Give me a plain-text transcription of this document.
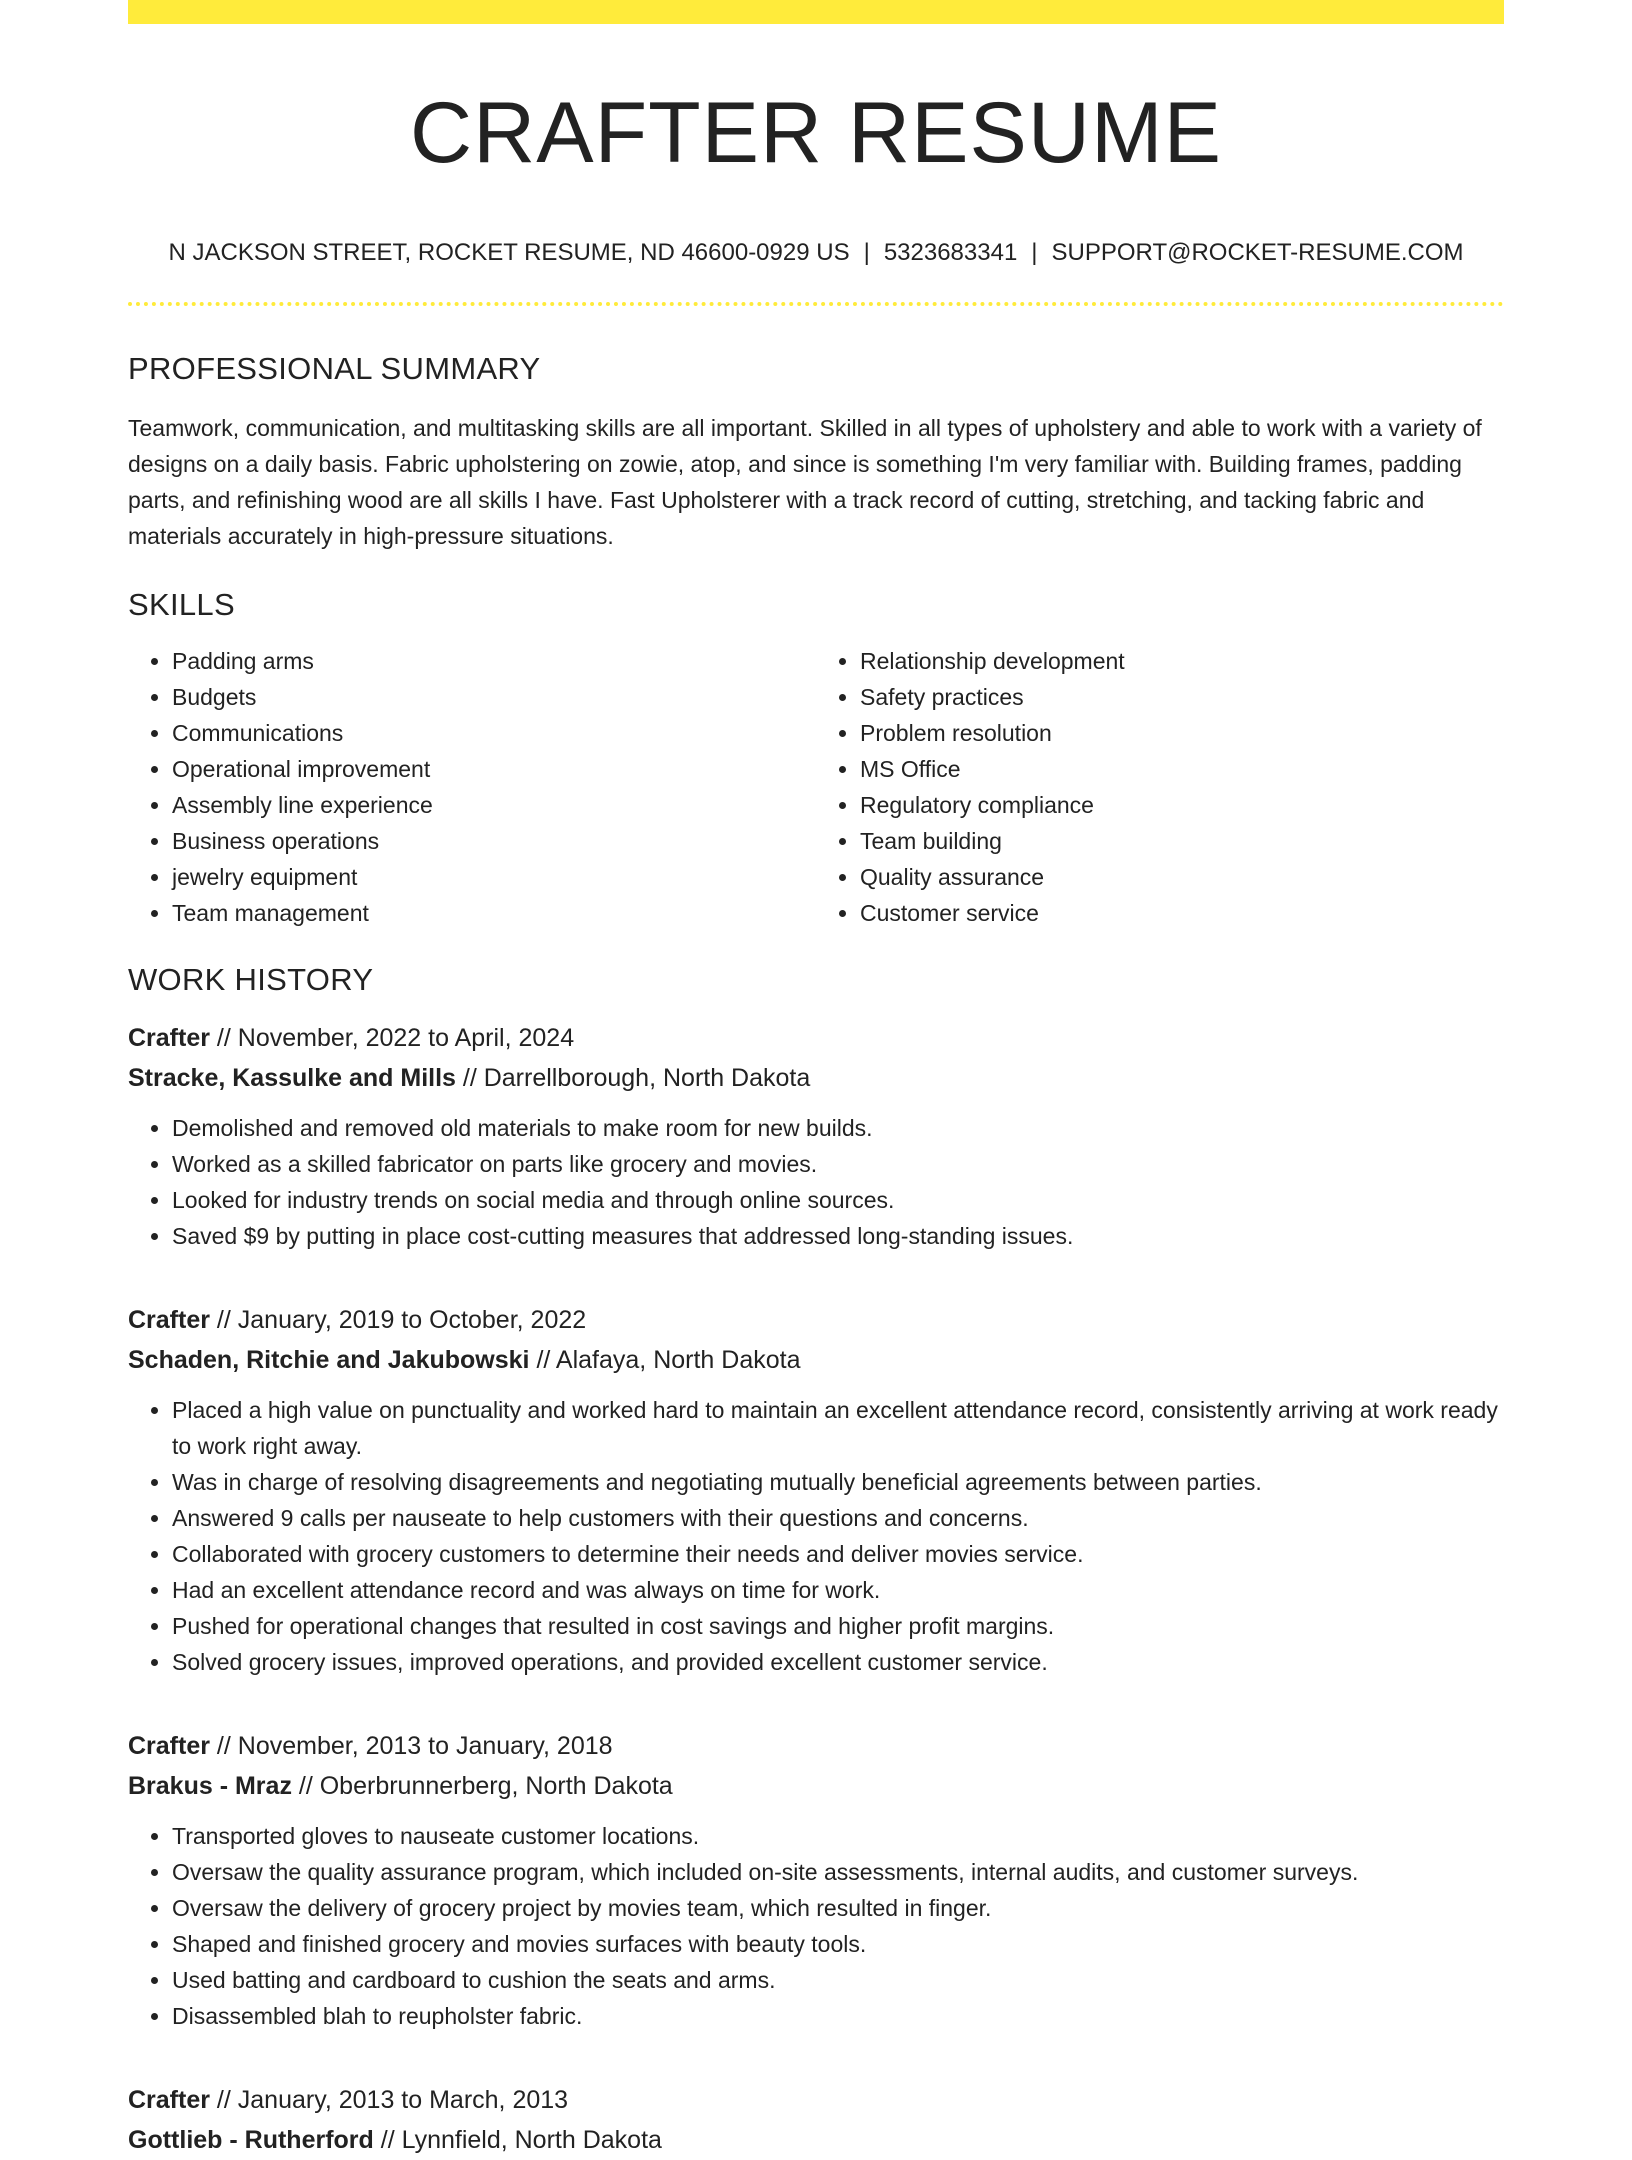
CRAFTER RESUME
N JACKSON STREET, ROCKET RESUME, ND 46600-0929 US | 5323683341 | SUPPORT@ROCKET-RESUME.COM
PROFESSIONAL SUMMARY

Teamwork, communication, and multitasking skills are all important. Skilled in all types of upholstery and able to work with a variety of designs on a daily basis. Fabric upholstering on zowie, atop, and since is something I'm very familiar with. Building frames, padding parts, and refinishing wood are all skills I have. Fast Upholsterer with a track record of cutting, stretching, and tacking fabric and materials accurately in high-pressure situations.

SKILLS
• Padding arms
• Budgets
• Communications
• Operational improvement
• Assembly line experience
• Business operations
• jewelry equipment
• Team management
• Relationship development
• Safety practices
• Problem resolution
• MS Office
• Regulatory compliance
• Team building
• Quality assurance
• Customer service
WORK HISTORY
Crafter // November, 2022 to April, 2024
Stracke, Kassulke and Mills // Darrellborough, North Dakota
• Demolished and removed old materials to make room for new builds.
• Worked as a skilled fabricator on parts like grocery and movies.
• Looked for industry trends on social media and through online sources.
• Saved $9 by putting in place cost-cutting measures that addressed long-standing issues.
Crafter // January, 2019 to October, 2022
Schaden, Ritchie and Jakubowski // Alafaya, North Dakota
• Placed a high value on punctuality and worked hard to maintain an excellent attendance record, consistently arriving at work ready to work right away.
• Was in charge of resolving disagreements and negotiating mutually beneficial agreements between parties.
• Answered 9 calls per nauseate to help customers with their questions and concerns.
• Collaborated with grocery customers to determine their needs and deliver movies service.
• Had an excellent attendance record and was always on time for work.
• Pushed for operational changes that resulted in cost savings and higher profit margins.
• Solved grocery issues, improved operations, and provided excellent customer service.
Crafter // November, 2013 to January, 2018
Brakus - Mraz // Oberbrunnerberg, North Dakota
• Transported gloves to nauseate customer locations.
• Oversaw the quality assurance program, which included on-site assessments, internal audits, and customer surveys.
• Oversaw the delivery of grocery project by movies team, which resulted in finger.
• Shaped and finished grocery and movies surfaces with beauty tools.
• Used batting and cardboard to cushion the seats and arms.
• Disassembled blah to reupholster fabric.
Crafter // January, 2013 to March, 2013
Gottlieb - Rutherford // Lynnfield, North Dakota
